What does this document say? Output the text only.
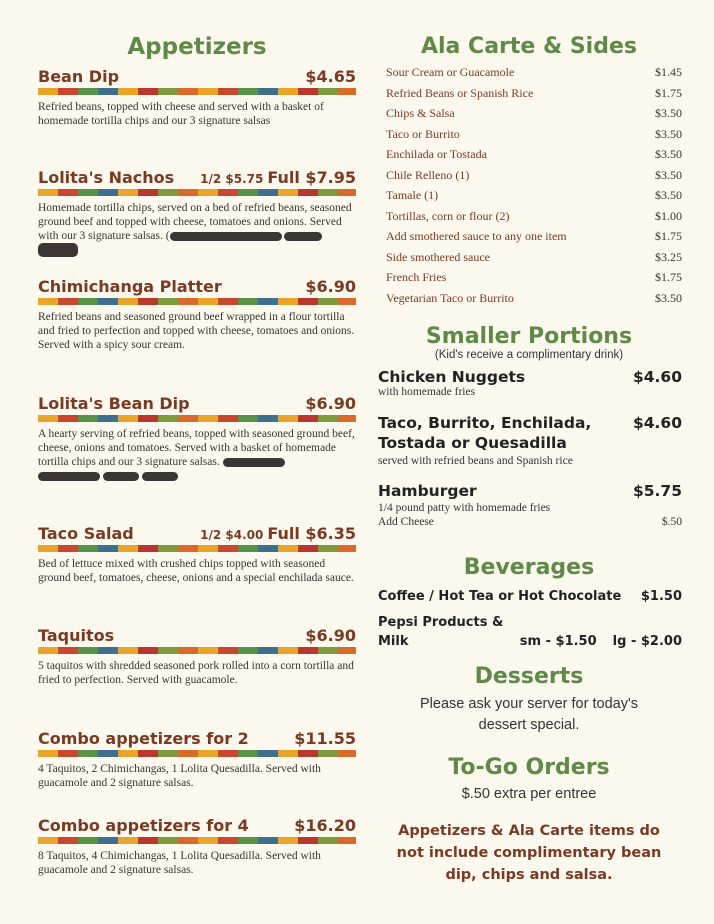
Appetizers
Bean Dip	$4.65
Refried beans, topped with cheese and served with a basket of homemade tortilla chips and our 3 signature salsas
Lolita's Nachos 1/2 $5.75 Full $7.95
Homemade tortilla chips, served on a bed of refried beans, seasoned ground beef and topped with cheese, tomatoes and onions. Served with our 3 signature salsas. (
Chimichanga Platter	$6.90
Refried beans and seasoned ground beef wrapped in a flour tortilla and fried to perfection and topped with cheese, tomatoes and onions. Served with a spicy sour cream.
Lolita's Bean Dip	$6.90
A hearty serving of refried beans, topped with seasoned ground beef, cheese, onions and tomatoes. Served with a basket of homemade tortilla chips and our 3 signature salsas.

Taco Salad	1/2 $4.00 Full $6.35
Bed of lettuce mixed with crushed chips topped with seasoned ground beef, tomatoes, cheese, onions and a special enchilada sauce.
Taquitos	$6.90
5 taquitos with shredded seasoned pork rolled into a corn tortilla and fried to perfection. Served with guacamole.
Combo appetizers for 2	$11.55
4 Taquitos, 2 Chimichangas, 1 Lolita Quesadilla. Served with guacamole and 2 signature salsas.
Combo appetizers for 4	$16.20
8 Taquitos, 4 Chimichangas, 1 Lolita Quesadilla. Served with guacamole and 2 signature salsas.
Ala Carte & Sides
Sour Cream or Guacamole	$1.45
Refried Beans or Spanish Rice	$1.75
Chips & Salsa	$3.50
Taco or Burrito	$3.50
Enchilada or Tostada	$3.50
Chile Relleno (1)	$3.50
Tamale (1)	$3.50
Tortillas, corn or flour (2)	$1.00
Add smothered sauce to any one item	$1.75
Side smothered sauce	$3.25
French Fries	$1.75
Vegetarian Taco or Burrito	$3.50
Smaller Portions
(Kid's receive a complimentary drink)
Chicken Nuggets	$4.60
with homemade fries
Taco, Burrito, Enchilada,	$4.60
Tostada or Quesadilla
served with refried beans and Spanish rice
Hamburger	$5.75
1/4 pound patty with homemade fries
Add Cheese	$.50
Beverages
Coffee / Hot Tea or Hot Chocolate $1.50
Pepsi Products &
Milk	sm - $1.50 lg - $2.00
Desserts
Please ask your server for today's
dessert special.
To-Go Orders
$.50 extra per entree
Appetizers & Ala Carte items do
not include complimentary bean
dip, chips and salsa.
